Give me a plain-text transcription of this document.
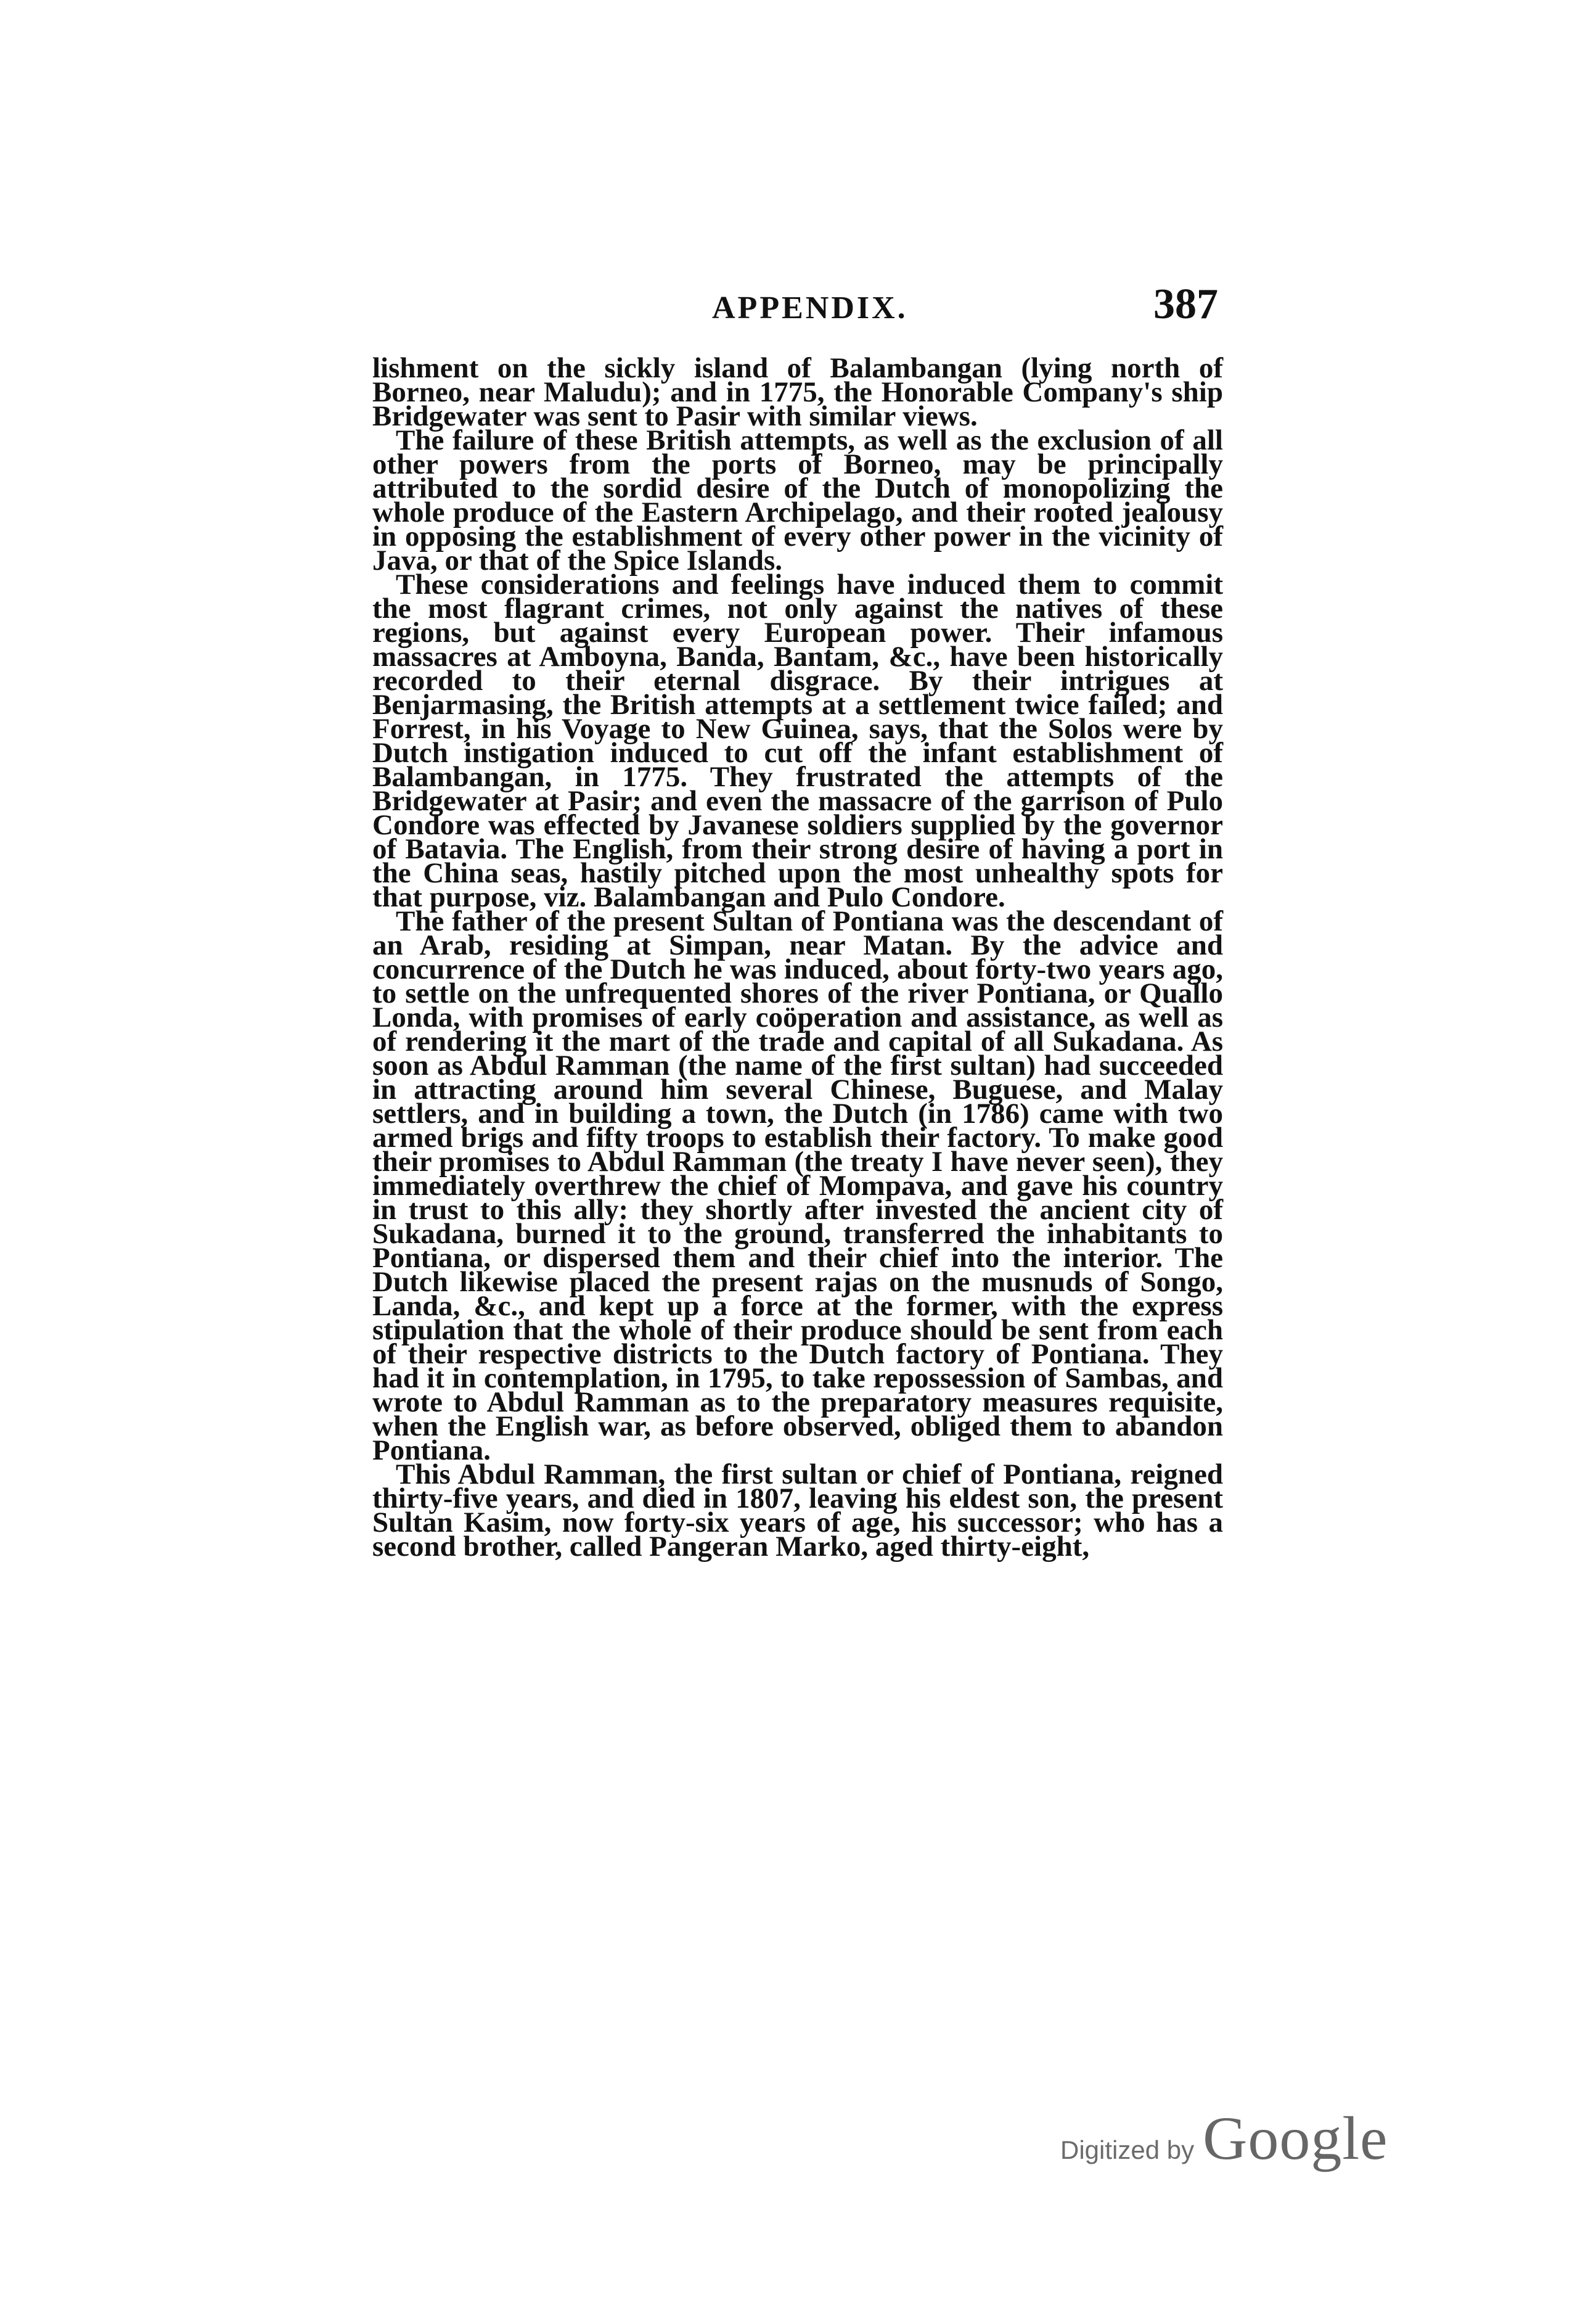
APPENDIX.	387

lishment on the sickly island of Balambangan (lying north of Borneo, near Maludu); and in 1775, the Honorable Company's ship Bridgewater was sent to Pasir with similar views.

The failure of these British attempts, as well as the exclusion of all other powers from the ports of Borneo, may be principally attributed to the sordid desire of the Dutch of monopolizing the whole produce of the Eastern Archipelago, and their rooted jealousy in opposing the establishment of every other power in the vicinity of Java, or that of the Spice Islands.

These considerations and feelings have induced them to commit the most flagrant crimes, not only against the natives of these regions, but against every European power. Their infamous massacres at Amboyna, Banda, Bantam, &c., have been historically recorded to their eternal disgrace. By their intrigues at Benjarmasing, the British attempts at a settlement twice failed; and Forrest, in his Voyage to New Guinea, says, that the Solos were by Dutch instigation induced to cut off the infant establishment of Balambangan, in 1775. They frustrated the attempts of the Bridgewater at Pasir; and even the massacre of the garrison of Pulo Condore was effected by Javanese soldiers supplied by the governor of Batavia. The English, from their strong desire of having a port in the China seas, hastily pitched upon the most unhealthy spots for that purpose, viz. Balambangan and Pulo Condore.

The father of the present Sultan of Pontiana was the descendant of an Arab, residing at Simpan, near Matan. By the advice and concurrence of the Dutch he was induced, about forty-two years ago, to settle on the unfrequented shores of the river Pontiana, or Quallo Londa, with promises of early coöperation and assistance, as well as of rendering it the mart of the trade and capital of all Sukadana. As soon as Abdul Ramman (the name of the first sultan) had succeeded in attracting around him several Chinese, Buguese, and Malay settlers, and in building a town, the Dutch (in 1786) came with two armed brigs and fifty troops to establish their factory. To make good their promises to Abdul Ramman (the treaty I have never seen), they immediately overthrew the chief of Mompava, and gave his country in trust to this ally: they shortly after invested the ancient city of Sukadana, burned it to the ground, transferred the inhabitants to Pontiana, or dispersed them and their chief into the interior. The Dutch likewise placed the present rajas on the musnuds of Songo, Landa, &c., and kept up a force at the former, with the express stipulation that the whole of their produce should be sent from each of their respective districts to the Dutch factory of Pontiana. They had it in contemplation, in 1795, to take repossession of Sambas, and wrote to Abdul Ramman as to the preparatory measures requisite, when the English war, as before observed, obliged them to abandon Pontiana.

This Abdul Ramman, the first sultan or chief of Pontiana, reigned thirty-five years, and died in 1807, leaving his eldest son, the present Sultan Kasim, now forty-six years of age, his successor; who has a second brother, called Pangeran Marko, aged thirty-eight,

Digitized by Google
